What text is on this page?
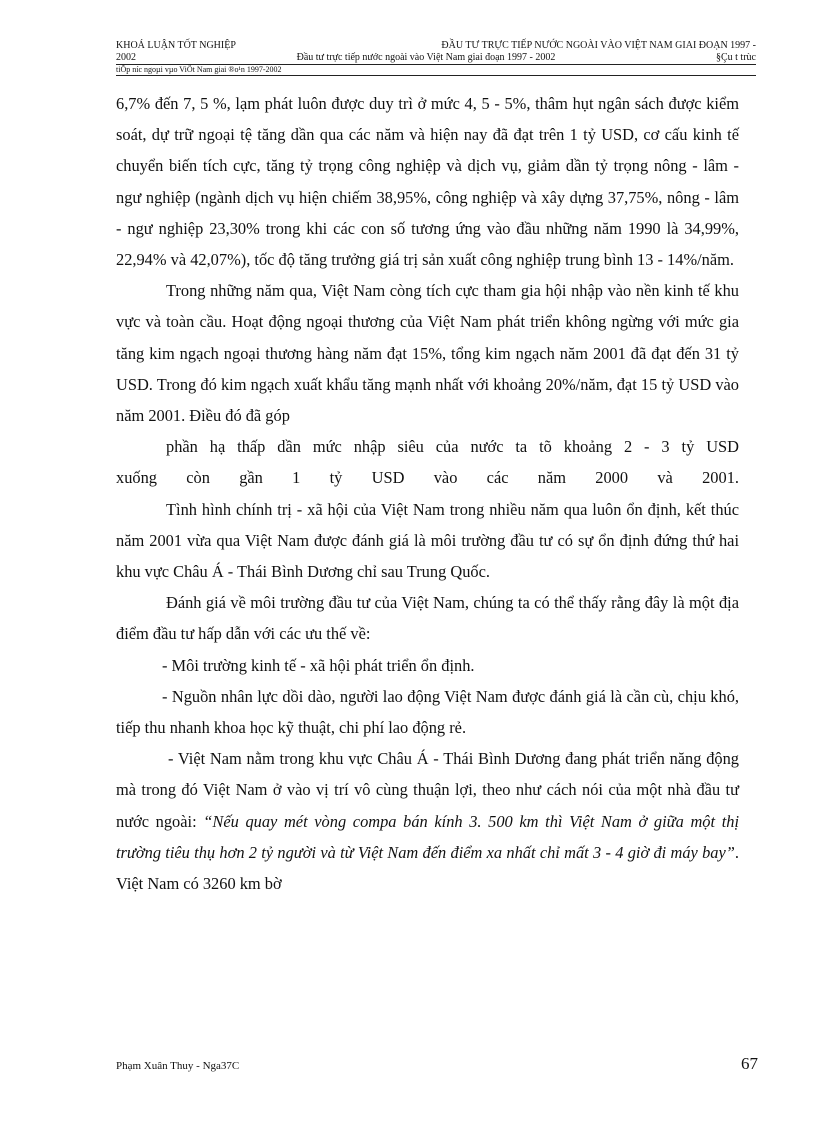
KHOÁ LUẬN TỐT NGHIỆP	ĐẦU TƯ TRỰC TIẾP NƯỚC NGOÀI VÀO VIỆT NAM GIAI ĐOẠN 1997 -
2002	Đầu tư trực tiếp nước ngoài vào Việt Nam giai đoạn 1997 - 2002	§Çu t trùc
tiÕp níc ngoµi vµo ViÖt Nam giai ®o¹n 1997-2002

6,7% đến 7, 5 %, lạm phát luôn được duy trì ở mức 4, 5 - 5%, thâm hụt ngân sách được kiểm soát, dự trữ ngoại tệ tăng dần qua các năm và hiện nay đã đạt trên 1 tỷ USD, cơ cấu kinh tế chuyển biến tích cực, tăng tỷ trọng công nghiệp và dịch vụ, giảm dần tỷ trọng nông - lâm - ngư nghiệp (ngành dịch vụ hiện chiếm 38,95%, công nghiệp và xây dựng 37,75%, nông - lâm - ngư nghiệp 23,30% trong khi các con số tương ứng vào đầu những năm 1990 là 34,99%, 22,94% và 42,07%), tốc độ tăng trưởng giá trị sản xuất công nghiệp trung bình 13 - 14%/năm.

Trong những năm qua, Việt Nam còng tích cực tham gia hội nhập vào nền kinh tế khu vực và toàn cầu. Hoạt động ngoại thương của Việt Nam phát triển không ngừng với mức gia tăng kim ngạch ngoại thương hàng năm đạt 15%, tổng kim ngạch năm 2001 đã đạt đến 31 tỷ USD. Trong đó kim ngạch xuất khẩu tăng mạnh nhất với khoảng 20%/năm, đạt 15 tỷ USD vào năm 2001. Điều đó đã góp

phần hạ thấp dần mức nhập siêu của nước ta tõ khoảng 2 - 3 tỷ USD

xuống còn gần 1 tỷ USD vào các năm 2000 và 2001.

Tình hình chính trị - xã hội của Việt Nam trong nhiều năm qua luôn ổn định, kết thúc năm 2001 vừa qua Việt Nam được đánh giá là môi trường đầu tư có sự ổn định đứng thứ hai khu vực Châu Á - Thái Bình Dương chỉ sau Trung Quốc.

Đánh giá về môi trường đầu tư của Việt Nam, chúng ta có thể thấy rằng đây là một địa điểm đầu tư hấp dẫn với các ưu thế về:

- Môi trường kinh tế - xã hội phát triển ổn định.

- Nguồn nhân lực dồi dào, người lao động Việt Nam được đánh giá là cần cù, chịu khó, tiếp thu nhanh khoa học kỹ thuật, chi phí lao động rẻ.

- Việt Nam nằm trong khu vực Châu Á - Thái Bình Dương đang phát triển năng động mà trong đó Việt Nam ở vào vị trí vô cùng thuận lợi, theo như cách nói của một nhà đầu tư nước ngoài: “Nếu quay mét vòng compa bán kính 3. 500 km thì Việt Nam ở giữa một thị trường tiêu thụ hơn 2 tỷ người và từ Việt Nam đến điểm xa nhất chỉ mất 3 - 4 giờ đi máy bay”. Việt Nam có 3260 km bờ

Phạm Xuân Thuy - Nga37C	67
